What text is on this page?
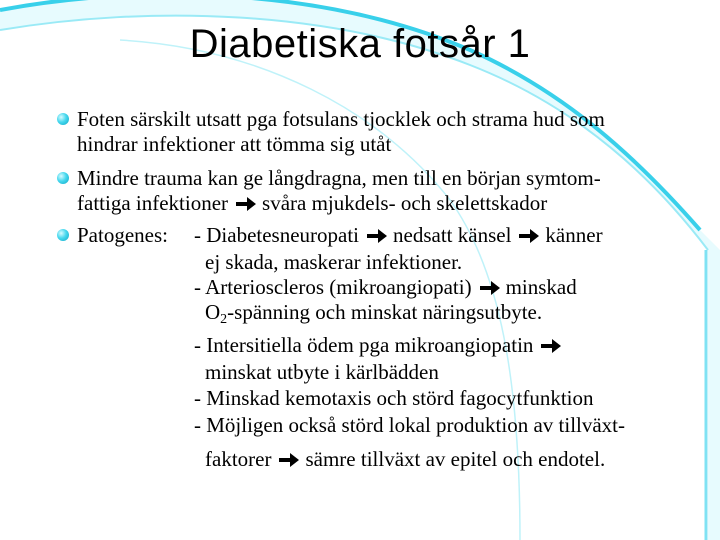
Diabetiska fotsår 1
Foten särskilt utsatt pga fotsulans tjocklek och strama hud som
hindrar infektioner att tömma sig utåt
Mindre trauma kan ge långdragna, men till en början symtom-
fattiga infektioner svåra mjukdels- och skelettskador
Patogenes: - Diabetesneuropati nedsatt känsel känner
ej skada, maskerar infektioner.
- Arterioscleros (mikroangiopati) minskad
$O_2$-spänning och minskat näringsutbyte.
- Intersitiella ödem pga mikroangiopatin
minskat utbyte i kärlbädden
- Minskad kemotaxis och störd fagocytfunktion
- Möjligen också störd lokal produktion av tillväxt-
faktorer sämre tillväxt av epitel och endotel.
